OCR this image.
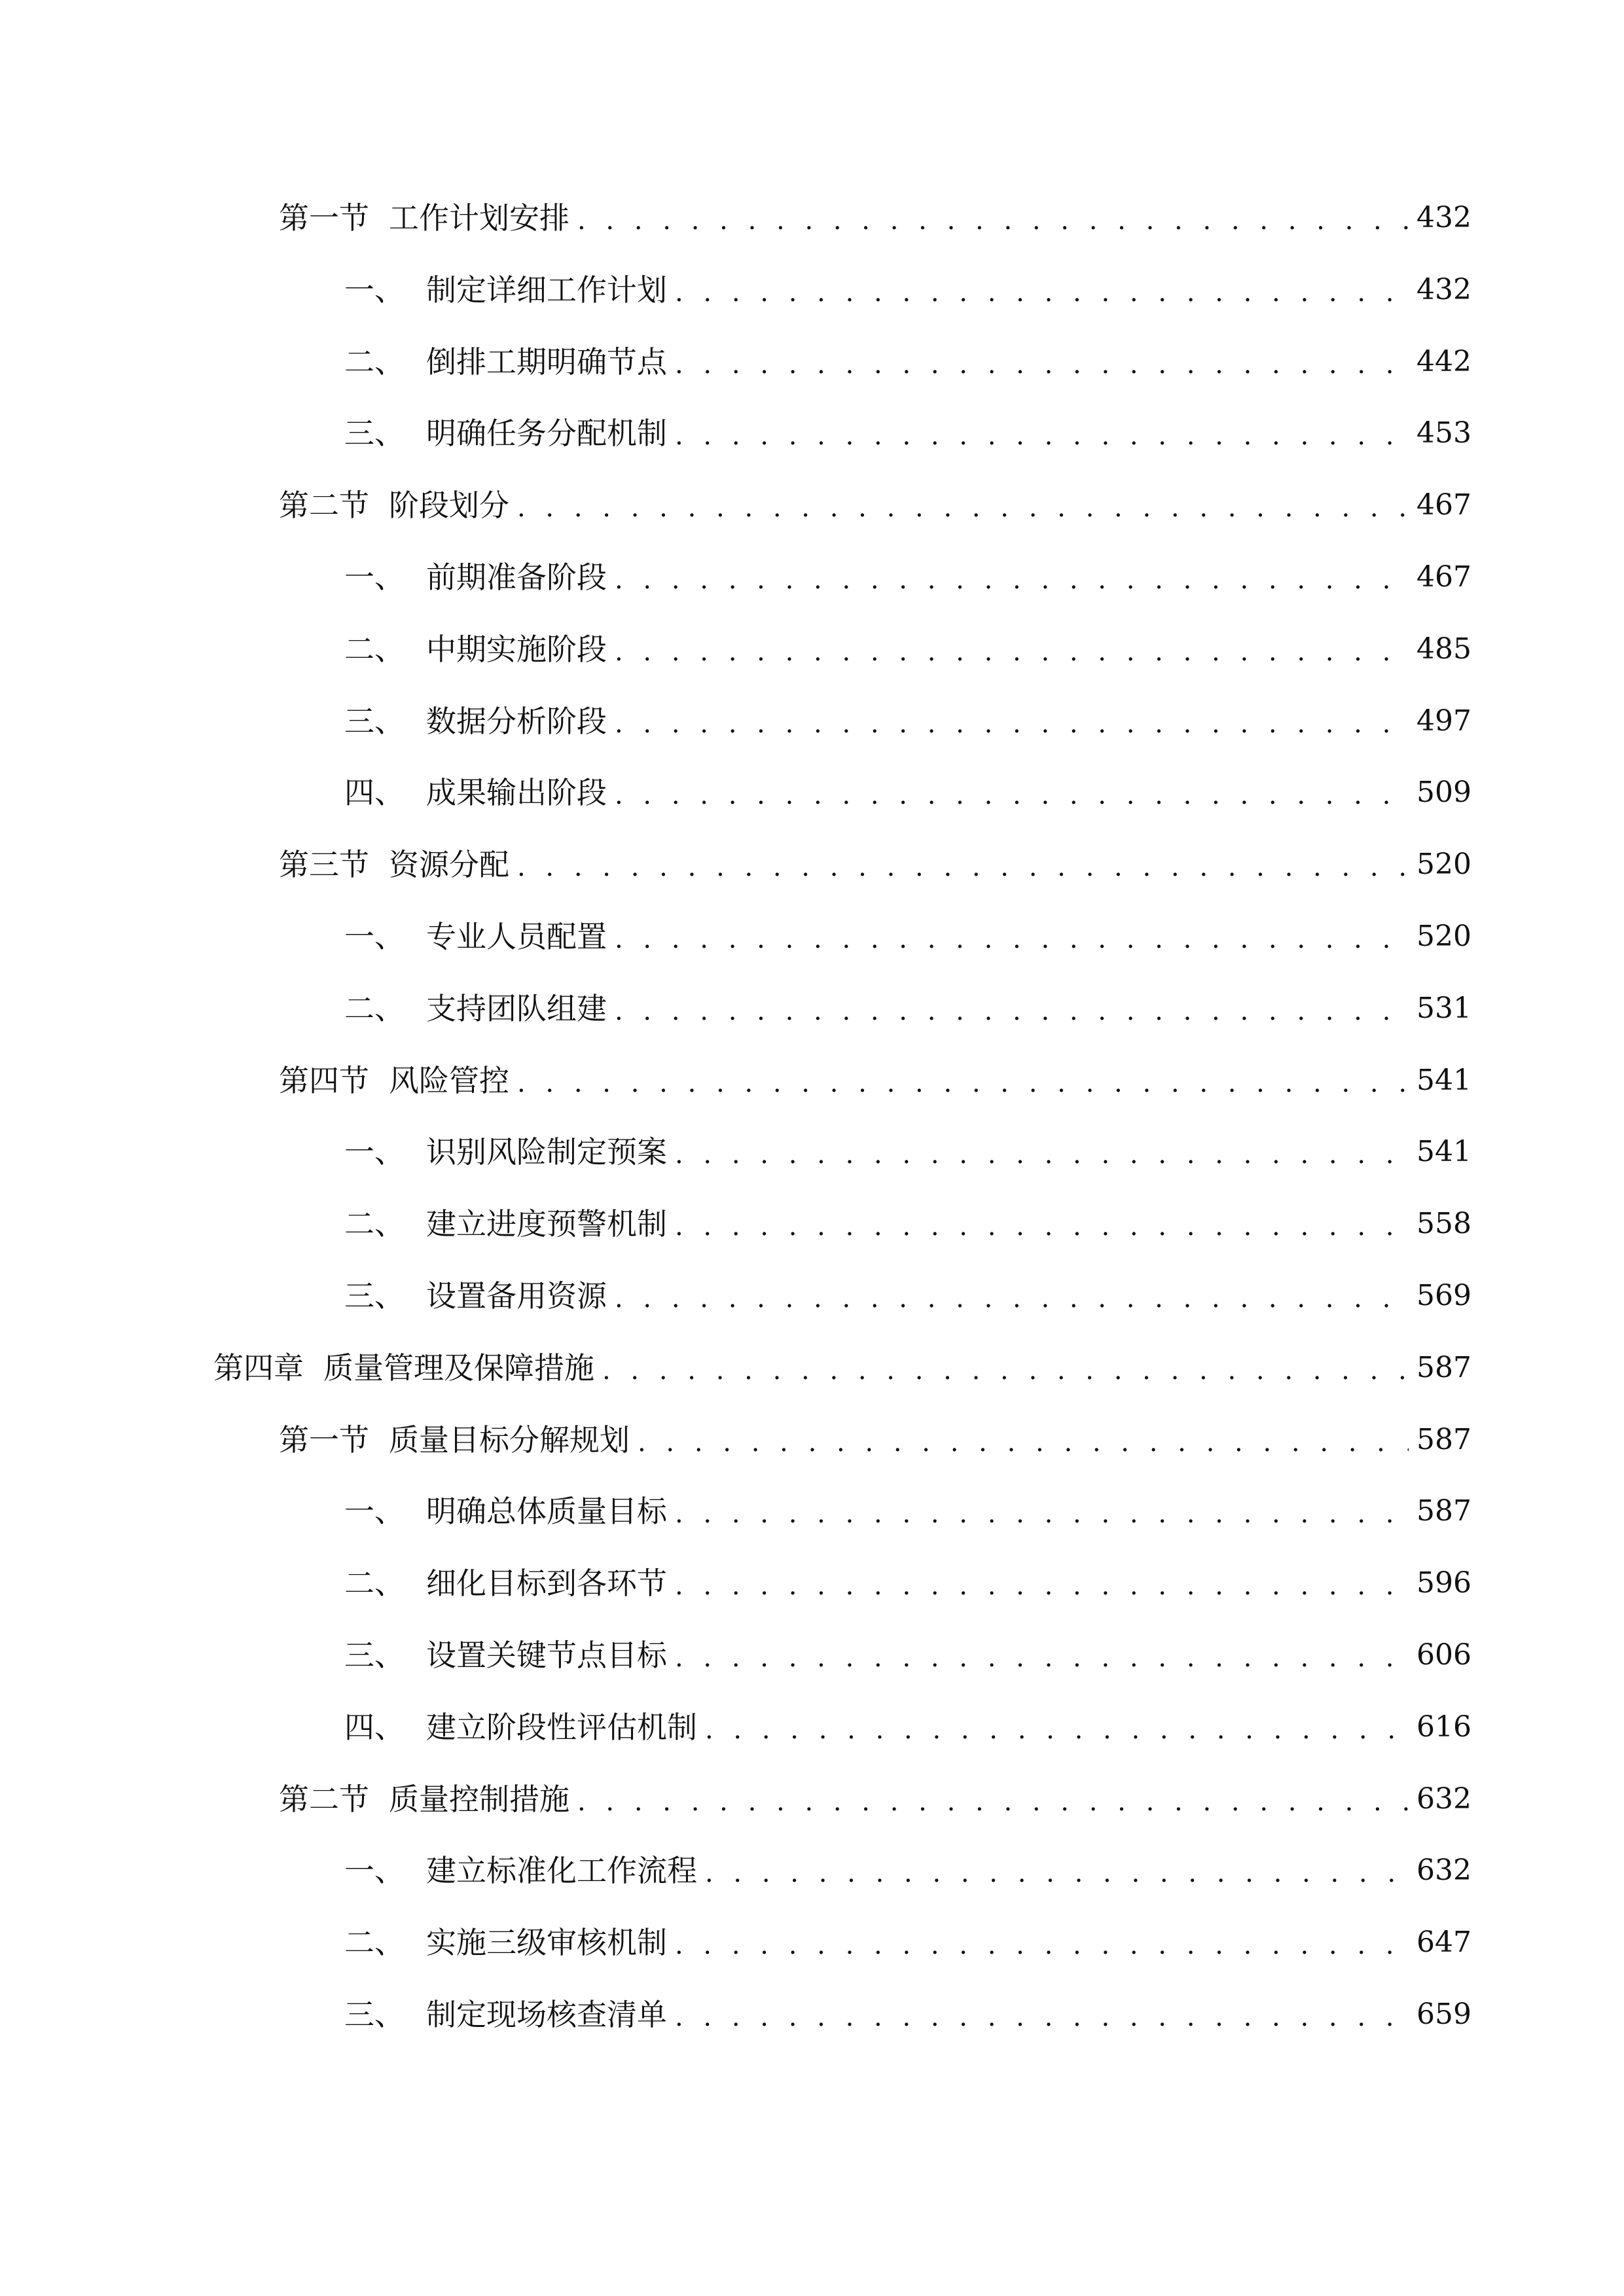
第一节 工作计划安排 . . .	432
一、 制定详细工作计划 . . .	432
二、 倒排工期明确节点 . . .	442
三、 明确任务分配机制 . . .	453
第二节 阶段划分 . . .	467
一、 前期准备阶段 . . .	467
二、 中期实施阶段 . . .	485
三、 数据分析阶段 . . .	497
四、 成果输出阶段 . . .	509
第三节 资源分配 . . .	520
一、 专业人员配置 . . .	520
二、 支持团队组建 . . .	531
第四节 风险管控 . . .	541
一、 识别风险制定预案 . . .	541
二、 建立进度预警机制 . . .	558
三、 设置备用资源 . . .	569
第四章 质量管理及保障措施 . . .	587
第一节 质量目标分解规划 . . .	587
一、 明确总体质量目标 . . .	587
二、 细化目标到各环节 . . .	596
三、 设置关键节点目标 . . .	606
四、 建立阶段性评估机制 . . .	616
第二节 质量控制措施 . . .	632
一、 建立标准化工作流程 . . .	632
二、 实施三级审核机制 . . .	647
三、 制定现场核查清单 . . .	659
